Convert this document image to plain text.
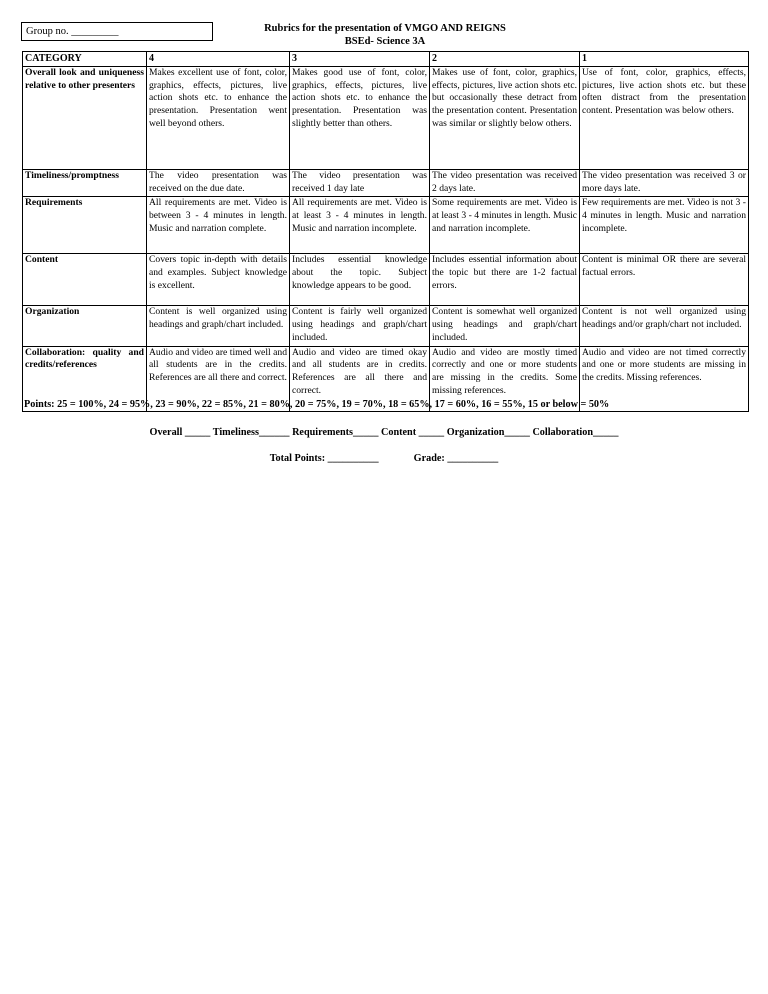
Group no. _________	Rubrics for the presentation of VMGO AND REIGNS
BSEd- Science 3A
CATEGORY	4	3	2	1
Overall look and uniqueness relative to other presenters	Makes excellent use of font, color, graphics, effects, pictures, live action shots etc. to enhance the presentation. Presentation went well beyond others.	Makes good use of font, color, graphics, effects, pictures, live action shots etc. to enhance the presentation. Presentation was slightly better than others.	Makes use of font, color, graphics, effects, pictures, live action shots etc. but occasionally these detract from the presentation content. Presentation was similar or slightly below others.	Use of font, color, graphics, effects, pictures, live action shots etc. but these often distract from the presentation content. Presentation was below others.
Timeliness/promptness	The video presentation was received on the due date.	The video presentation was received 1 day late	The video presentation was received 2 days late.	The video presentation was received 3 or more days late.
Requirements	All requirements are met. Video is between 3 - 4 minutes in length. Music and narration complete.	All requirements are met. Video is at least 3 - 4 minutes in length. Music and narration incomplete.	Some requirements are met. Video is at least 3 - 4 minutes in length. Music and narration incomplete.	Few requirements are met. Video is not 3 - 4 minutes in length. Music and narration incomplete.
Content	Covers topic in-depth with details and examples. Subject knowledge is excellent.	Includes essential knowledge about the topic. Subject knowledge appears to be good.	Includes essential information about the topic but there are 1-2 factual errors.	Content is minimal OR there are several factual errors.
Organization	Content is well organized using headings and graph/chart included.	Content is fairly well organized using headings and graph/chart included.	Content is somewhat well organized using headings and graph/chart included.	Content is not well organized using headings and/or graph/chart not included.
Collaboration: quality and credits/references	Audio and video are timed well and all students are in the credits. References are all there and correct.	Audio and video are timed okay and all students are in credits. References are all there and correct.	Audio and video are mostly timed correctly and one or more students are missing in the credits. Some missing references.	Audio and video are not timed correctly and one or more students are missing in the credits. Missing references.
Points: 25 = 100%, 24 = 95%, 23 = 90%, 22 = 85%, 21 = 80%, 20 = 75%, 19 = 70%, 18 = 65%, 17 = 60%, 16 = 55%, 15 or below = 50%
Overall _____ Timeliness______ Requirements_____ Content _____ Organization_____ Collaboration_____
Total Points: __________	Grade: __________
